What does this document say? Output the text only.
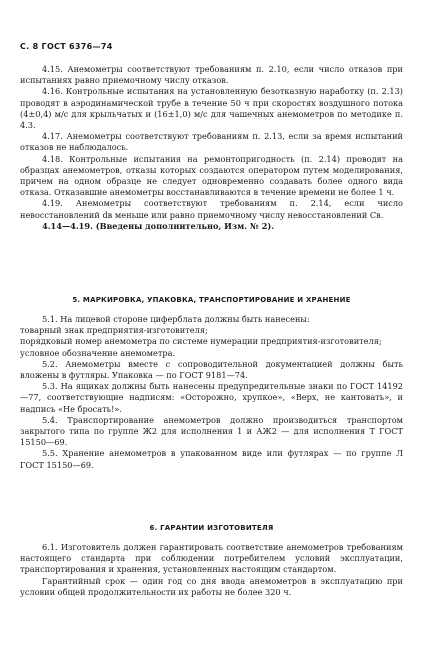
С. 8 ГОСТ 6376—74

4.15. Анемометры соответствуют требованиям п. 2.10, если число отказов при испытаниях равно приемочному числу отказов.

4.16. Контрольные испытания на установленную безотказную наработку (п. 2.13) проводят в аэродинамической трубе в течение 50 ч при скоростях воздушного потока (4±0,4) м/с для крыльчатых и (16±1,0) м/с для чашечных анемометров по методике п. 4.3.

4.17. Анемометры соответствуют требованиям п. 2.13, если за время испытаний отказов не наблюдалось.

4.18. Контрольные испытания на ремонтопригодность (п. 2.14) проводят на образцах анемометров, отказы которых создаются оператором путем моделирования, причем на одном образце не следует одновременно создавать более одного вида отказа. Отказавшие анемометры восстанавливаются в течение времени не более 1 ч.

4.19. Анемометры соответствуют требованиям п. 2.14, если число невосстановлений dв меньше или равно приемочному числу невосстановлений Cв.

4.14—4.19. (Введены дополнительно, Изм. № 2).

5. МАРКИРОВКА, УПАКОВКА, ТРАНСПОРТИРОВАНИЕ И ХРАНЕНИЕ

5.1. На лицевой стороне циферблата должны быть нанесены:

товарный знак предприятия-изготовителя;

порядковый номер анемометра по системе нумерации предприятия-изготовителя;

условное обозначение анемометра.

5.2. Анемометры вместе с сопроводительной документацией должны быть вложены в футляры. Упаковка — по ГОСТ 9181—74.

5.3. На ящиках должны быть нанесены предупредительные знаки по ГОСТ 14192—77, соответствующие надписям: «Осторожно, хрупкое», «Верх, не кантовать», и надпись «Не бросать!».

5.4. Транспортирование анемометров должно производиться транспортом закрытого типа по группе Ж2 для исполнения 1 и АЖ2 — для исполнения Т ГОСТ 15150—69.

5.5. Хранение анемометров в упакованном виде или футлярах — по группе Л ГОСТ 15150—69.

6. ГАРАНТИИ ИЗГОТОВИТЕЛЯ

6.1. Изготовитель должен гарантировать соответствие анемометров требованиям настоящего стандарта при соблюдении потребителем условий эксплуатации, транспортирования и хранения, установленных настоящим стандартом.

Гарантийный срок — один год со дня ввода анемометров в эксплуатацию при условии общей продолжительности их работы не более 320 ч.
